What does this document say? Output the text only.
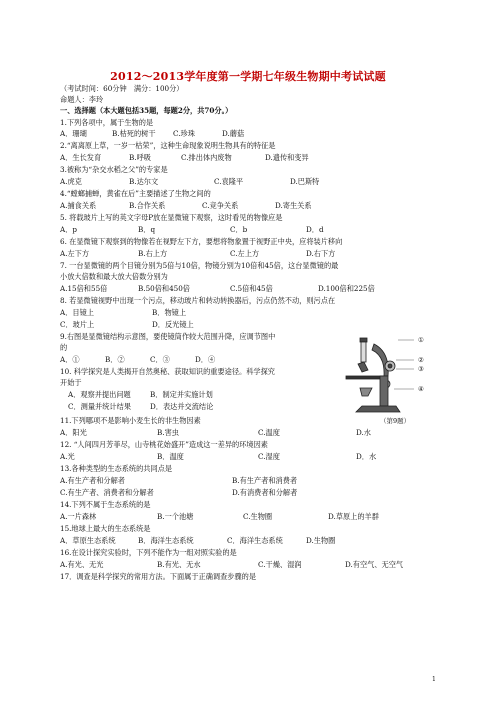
2012～2013学年度第一学期七年级生物期中考试试题
（考试时间：60分钟　满分：100分）
命题人：李玲
一、选择题（本大题包括35题，每题2分，共70分。）
1.下列各项中，属于生物的是
A．珊瑚	B.枯死的树干 C.珍珠	D.蘑菇
2.“离离原上草，一岁一枯荣”，这种生命现象说明生物具有的特征是
A．生长发育	B.呼吸	C.排出体内废物	D.遗传和变异
3.被称为“杂交水稻之父”的专家是
A.虎克	B.达尔文	C.袁隆平	D.巴斯特
4.“螳螂捕蝉，黄雀在后”主要描述了生物之间的
A.捕食关系	B.合作关系	C.竞争关系	D.寄生关系
5. 将载玻片上写的英文字母P放在显微镜下观察，这时看见的物像应是
A．p	B．q	C．b	D．d
6. 在显微镜下观察到的物像若在视野左下方，要想将物象置于视野正中央，应将装片移向
A.左下方	B.右上方	C.左上方	D.右下方
7. 一台显微镜的两个目镜分别为5倍与10倍，物镜分别为10倍和45倍，这台显微镜的最
小放大倍数和最大放大倍数分别为
A.15倍和55倍	B.50倍和450倍	C.5倍和45倍	D.100倍和225倍
8. 若显微镜视野中出现一个污点，移动玻片和转动转换器后，污点仍然不动，则污点在
A．目镜上	B．物镜上
C．玻片上	D．反光镜上
9.右图是显微镜结构示意图，要使镜筒作较大范围升降，应调节图中
的
A．①	B．②	C．③	D．④
10. 科学探究是人类揭开自然奥秘、获取知识的重要途径。科学探究
开始于
A．观察并提出问题	B．制定并实施计划
C．测量并统计结果	D．表达并交流结论
①
②
③
④
（第9题）
11.下列哪项不是影响小麦生长的非生物因素
A．阳光	B.害虫	C.温度	D.水
12. “人间四月芳菲尽，山寺桃花始盛开”造成这一差异的环境因素
A.光	B．温度	C.湿度	D．水
13.各种类型的生态系统的共同点是
A.有生产者和分解者	B.有生产者和消费者
C.有生产者、消费者和分解者	D.有消费者和分解者
14.下列不属于生态系统的是
A.一片森林	B.一个池塘	C.生物圈	D.草原上的羊群
15.地球上最大的生态系统是
A．草原生态系统	B．海洋生态系统	C．海洋生态系统	D.生物圈
16.在设计探究实验时，下列不能作为一组对照实验的是
A.有光、无光	B.有光、无水	C.干燥、湿润	D.有空气、无空气
17．调查是科学探究的常用方法。下面属于正确调查步骤的是
1
